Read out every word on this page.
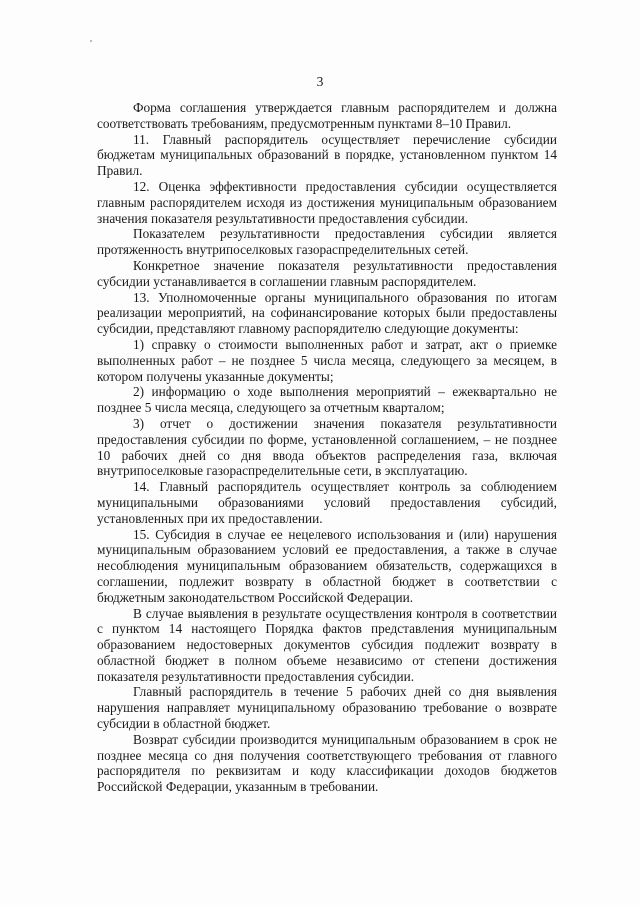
3

Форма соглашения утверждается главным распорядителем и должна соответствовать требованиям, предусмотренным пунктами 8–10 Правил.

11. Главный распорядитель осуществляет перечисление субсидии бюджетам муниципальных образований в порядке, установленном пунктом 14 Правил.

12. Оценка эффективности предоставления субсидии осуществляется главным распорядителем исходя из достижения муниципальным образованием значения показателя результативности предоставления субсидии.

Показателем результативности предоставления субсидии является протяженность внутрипоселковых газораспределительных сетей.

Конкретное значение показателя результативности предоставления субсидии устанавливается в соглашении главным распорядителем.

13. Уполномоченные органы муниципального образования по итогам реализации мероприятий, на софинансирование которых были предоставлены субсидии, представляют главному распорядителю следующие документы:

1) справку о стоимости выполненных работ и затрат, акт о приемке выполненных работ – не позднее 5 числа месяца, следующего за месяцем, в котором получены указанные документы;

2) информацию о ходе выполнения мероприятий – ежеквартально не позднее 5 числа месяца, следующего за отчетным кварталом;

3) отчет о достижении значения показателя результативности предоставления субсидии по форме, установленной соглашением, – не позднее 10 рабочих дней со дня ввода объектов распределения газа, включая внутрипоселковые газораспределительные сети, в эксплуатацию.

14. Главный распорядитель осуществляет контроль за соблюдением муниципальными образованиями условий предоставления субсидий, установленных при их предоставлении.

15. Субсидия в случае ее нецелевого использования и (или) нарушения муниципальным образованием условий ее предоставления, а также в случае несоблюдения муниципальным образованием обязательств, содержащихся в соглашении, подлежит возврату в областной бюджет в соответствии с бюджетным законодательством Российской Федерации.

В случае выявления в результате осуществления контроля в соответствии с пунктом 14 настоящего Порядка фактов представления муниципальным образованием недостоверных документов субсидия подлежит возврату в областной бюджет в полном объеме независимо от степени достижения показателя результативности предоставления субсидии.

Главный распорядитель в течение 5 рабочих дней со дня выявления нарушения направляет муниципальному образованию требование о возврате субсидии в областной бюджет.

Возврат субсидии производится муниципальным образованием в срок не позднее месяца со дня получения соответствующего требования от главного распорядителя по реквизитам и коду классификации доходов бюджетов Российской Федерации, указанным в требовании.
